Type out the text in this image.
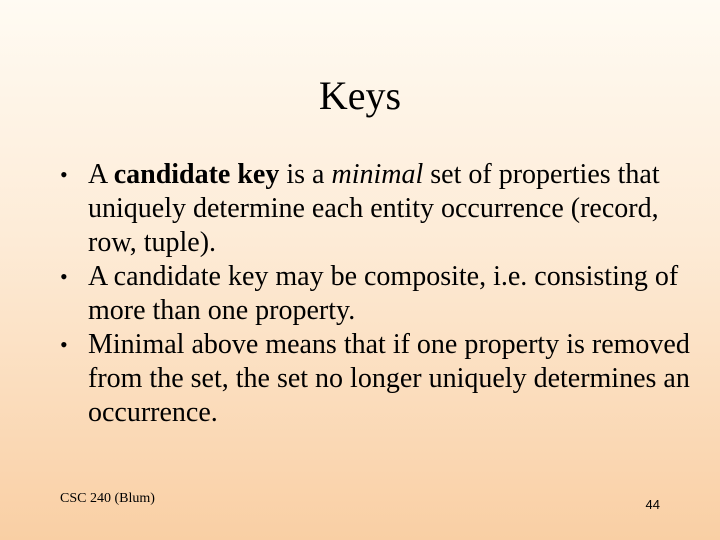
Keys
• A candidate key is a minimal set of properties that uniquely determine each entity occurrence (record, row, tuple).
• A candidate key may be composite, i.e. consisting of more than one property.
• Minimal above means that if one property is removed from the set, the set no longer uniquely determines an occurrence.
CSC 240 (Blum)	44
